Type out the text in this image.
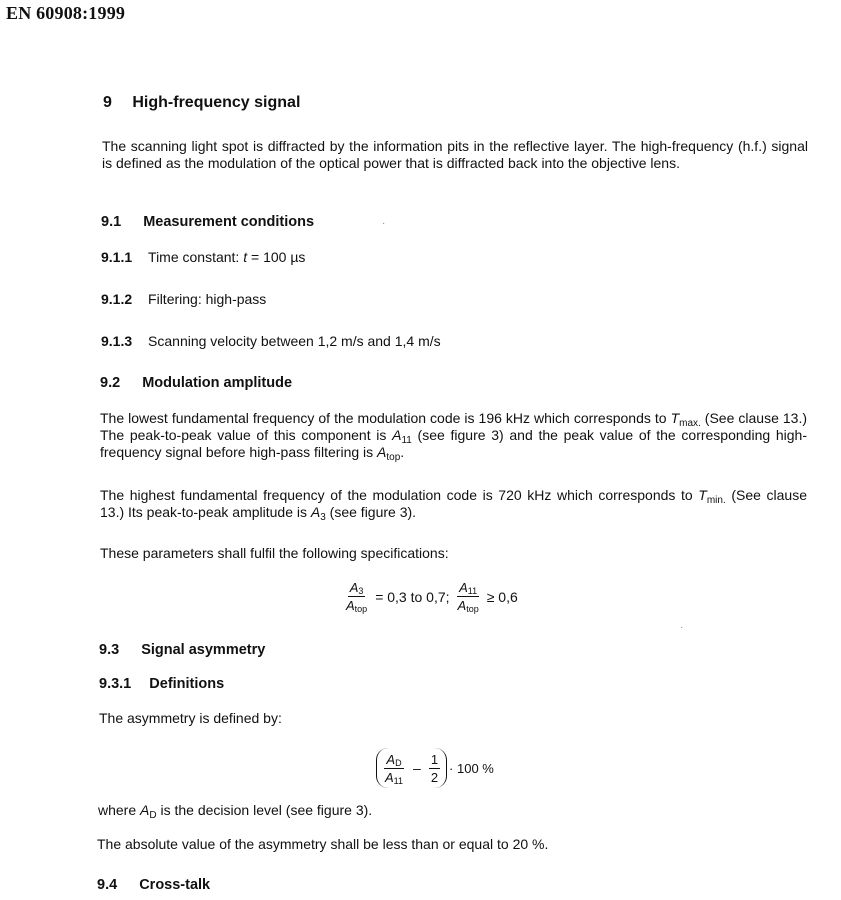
EN 60908:1999
9 High-frequency signal
The scanning light spot is diffracted by the information pits in the reflective layer. The high-frequency (h.f.) signal is defined as the modulation of the optical power that is diffracted back into the objective lens.
9.1 Measurement conditions	·
9.1.1 Time constant: t = 100 µs
9.1.2 Filtering: high-pass
9.1.3 Scanning velocity between 1,2 m/s and 1,4 m/s
9.2 Modulation amplitude
The lowest fundamental frequency of the modulation code is 196 kHz which corresponds to $T_{max.}$ (See clause 13.) The peak-to-peak value of this component is $A_{11}$ (see figure 3) and the peak value of the corresponding high-frequency signal before high-pass filtering is $A_{top}$.
The highest fundamental frequency of the modulation code is 720 kHz which corresponds to $T_{min.}$ (See clause 13.) Its peak-to-peak amplitude is $A_3$ (see figure 3).
These parameters shall fulfil the following specifications:
$\frac{A_3}{A_{top}} = 0,3$ to 0,7; $\frac{A_{11}}{A_{top}} \ge 0,6$
·
9.3 Signal asymmetry
9.3.1 Definitions
The asymmetry is defined by:
$\frac{A_D}{A_{11}} - \frac{1}{2} \cdot 100$ %
where $A_D$ is the decision level (see figure 3).
The absolute value of the asymmetry shall be less than or equal to 20 %.
9.4 Cross-talk
